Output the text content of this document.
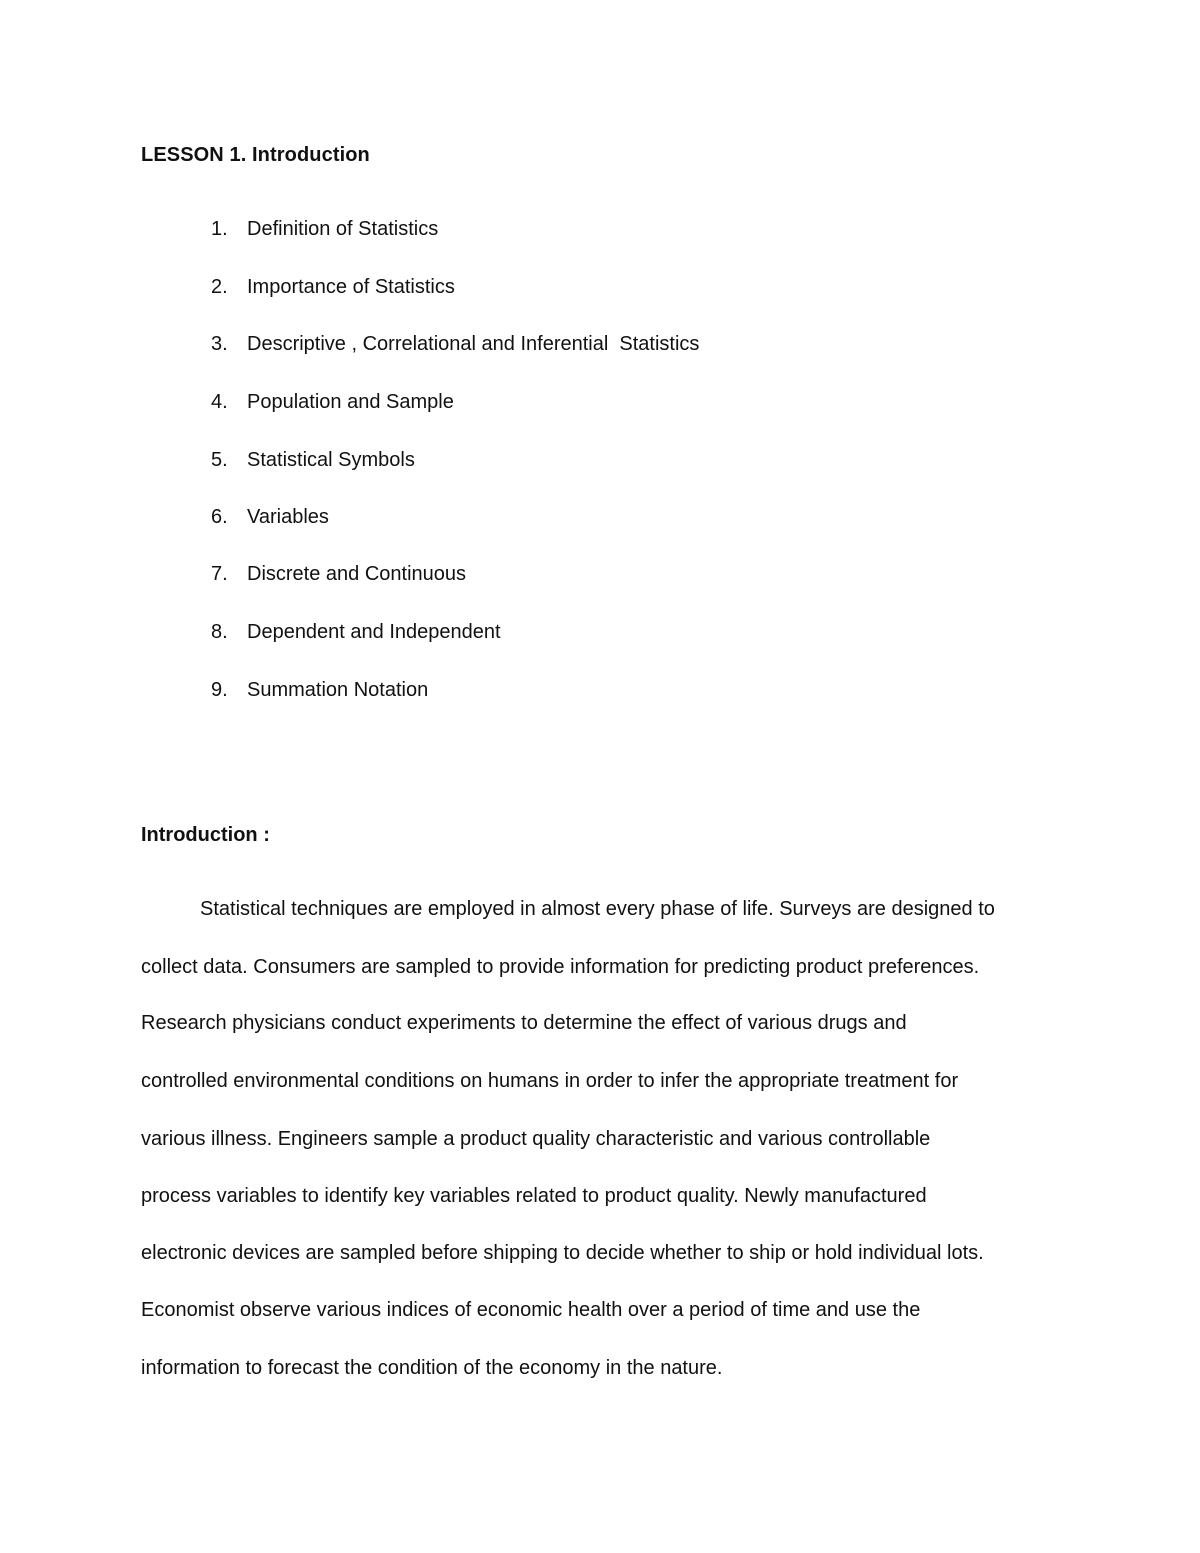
LESSON 1. Introduction
1. Definition of Statistics
2. Importance of Statistics
3. Descriptive , Correlational and Inferential  Statistics
4. Population and Sample
5. Statistical Symbols
6. Variables
7. Discrete and Continuous
8. Dependent and Independent
9. Summation Notation
Introduction :
Statistical techniques are employed in almost every phase of life. Surveys are designed to
collect data. Consumers are sampled to provide information for predicting product preferences.
Research physicians conduct experiments to determine the effect of various drugs and
controlled environmental conditions on humans in order to infer the appropriate treatment for
various illness. Engineers sample a product quality characteristic and various controllable
process variables to identify key variables related to product quality. Newly manufactured
electronic devices are sampled before shipping to decide whether to ship or hold individual lots.
Economist observe various indices of economic health over a period of time and use the
information to forecast the condition of the economy in the nature.
